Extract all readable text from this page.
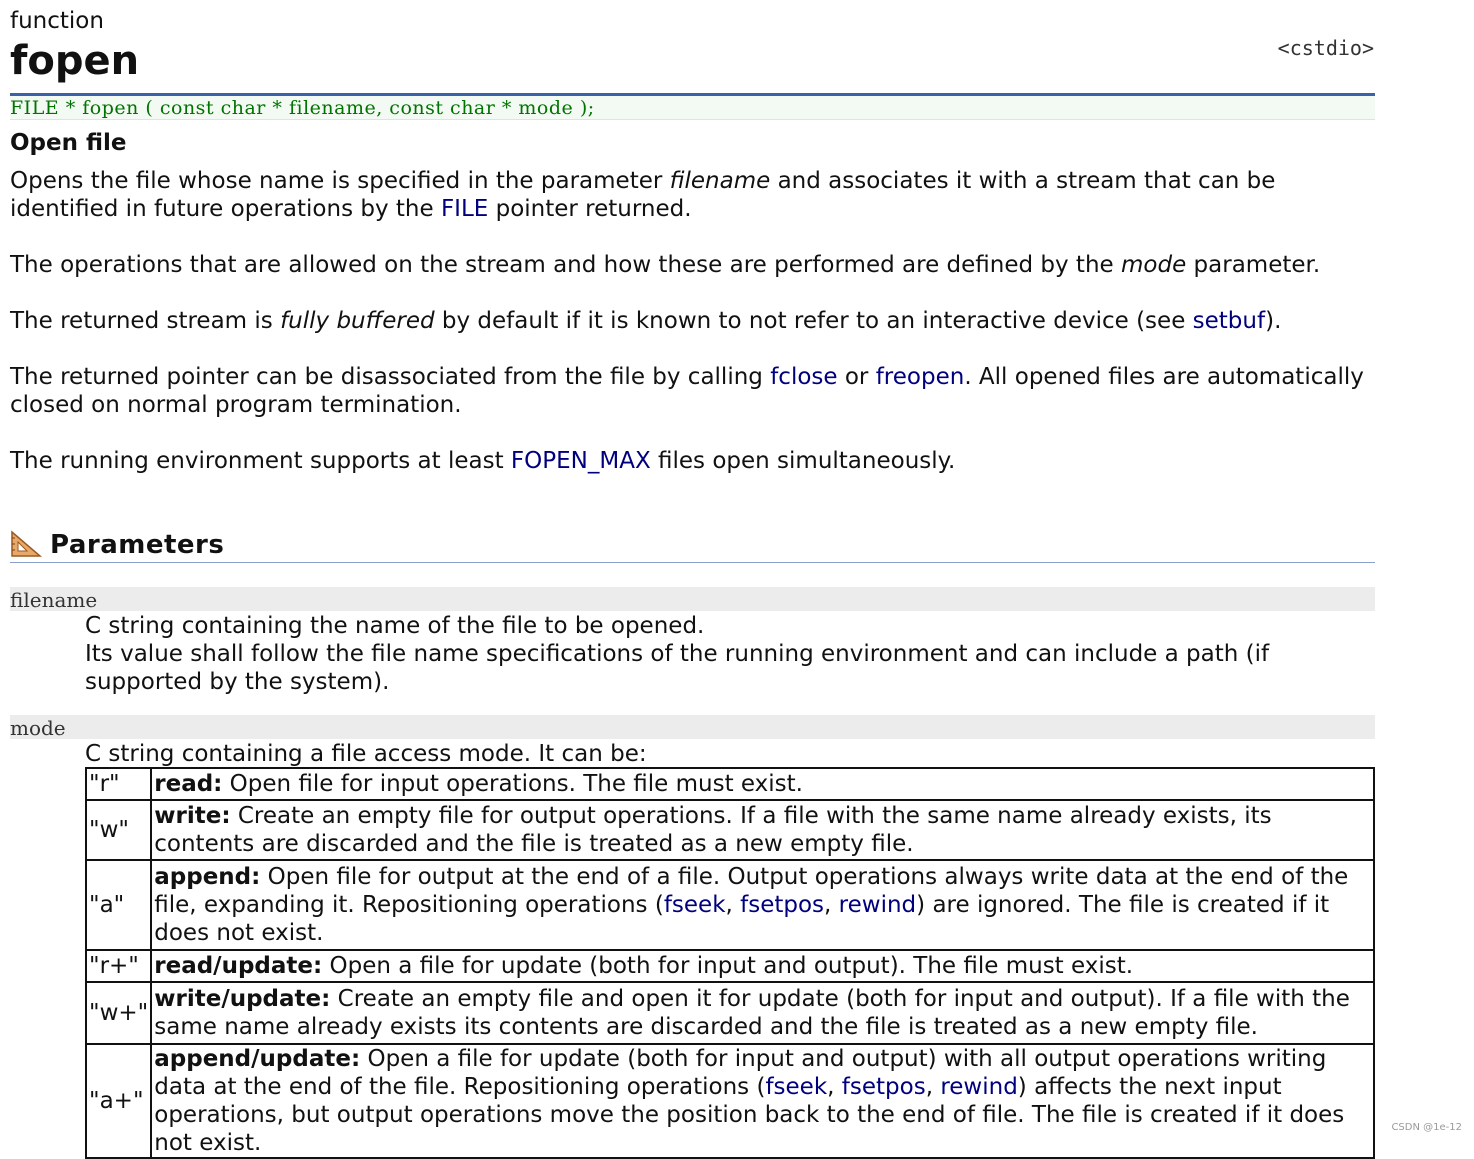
function
fopen	<cstdio>
FILE * fopen ( const char * filename, const char * mode );
Open file

Opens the file whose name is specified in the parameter filename and associates it with a stream that can be identified in future operations by the FILE pointer returned.

The operations that are allowed on the stream and how these are performed are defined by the mode parameter.

The returned stream is fully buffered by default if it is known to not refer to an interactive device (see setbuf).

The returned pointer can be disassociated from the file by calling fclose or freopen. All opened files are automatically closed on normal program termination.

The running environment supports at least FOPEN_MAX files open simultaneously.

Parameters
filename

C string containing the name of the file to be opened.
Its value shall follow the file name specifications of the running environment and can include a path (if supported by the system).

mode

C string containing a file access mode. It can be:

"r"	read: Open file for input operations. The file must exist.
"w"	write: Create an empty file for output operations. If a file with the same name already exists, its contents are discarded and the file is treated as a new empty file.
"a"	append: Open file for output at the end of a file. Output operations always write data at the end of the file, expanding it. Repositioning operations (fseek, fsetpos, rewind) are ignored. The file is created if it does not exist.
"r+"	read/update: Open a file for update (both for input and output). The file must exist.
"w+"	write/update: Create an empty file and open it for update (both for input and output). If a file with the same name already exists its contents are discarded and the file is treated as a new empty file.
"a+"	append/update: Open a file for update (both for input and output) with all output operations writing data at the end of the file. Repositioning operations (fseek, fsetpos, rewind) affects the next input operations, but output operations move the position back to the end of file. The file is created if it does not exist.
CSDN @1e-12
